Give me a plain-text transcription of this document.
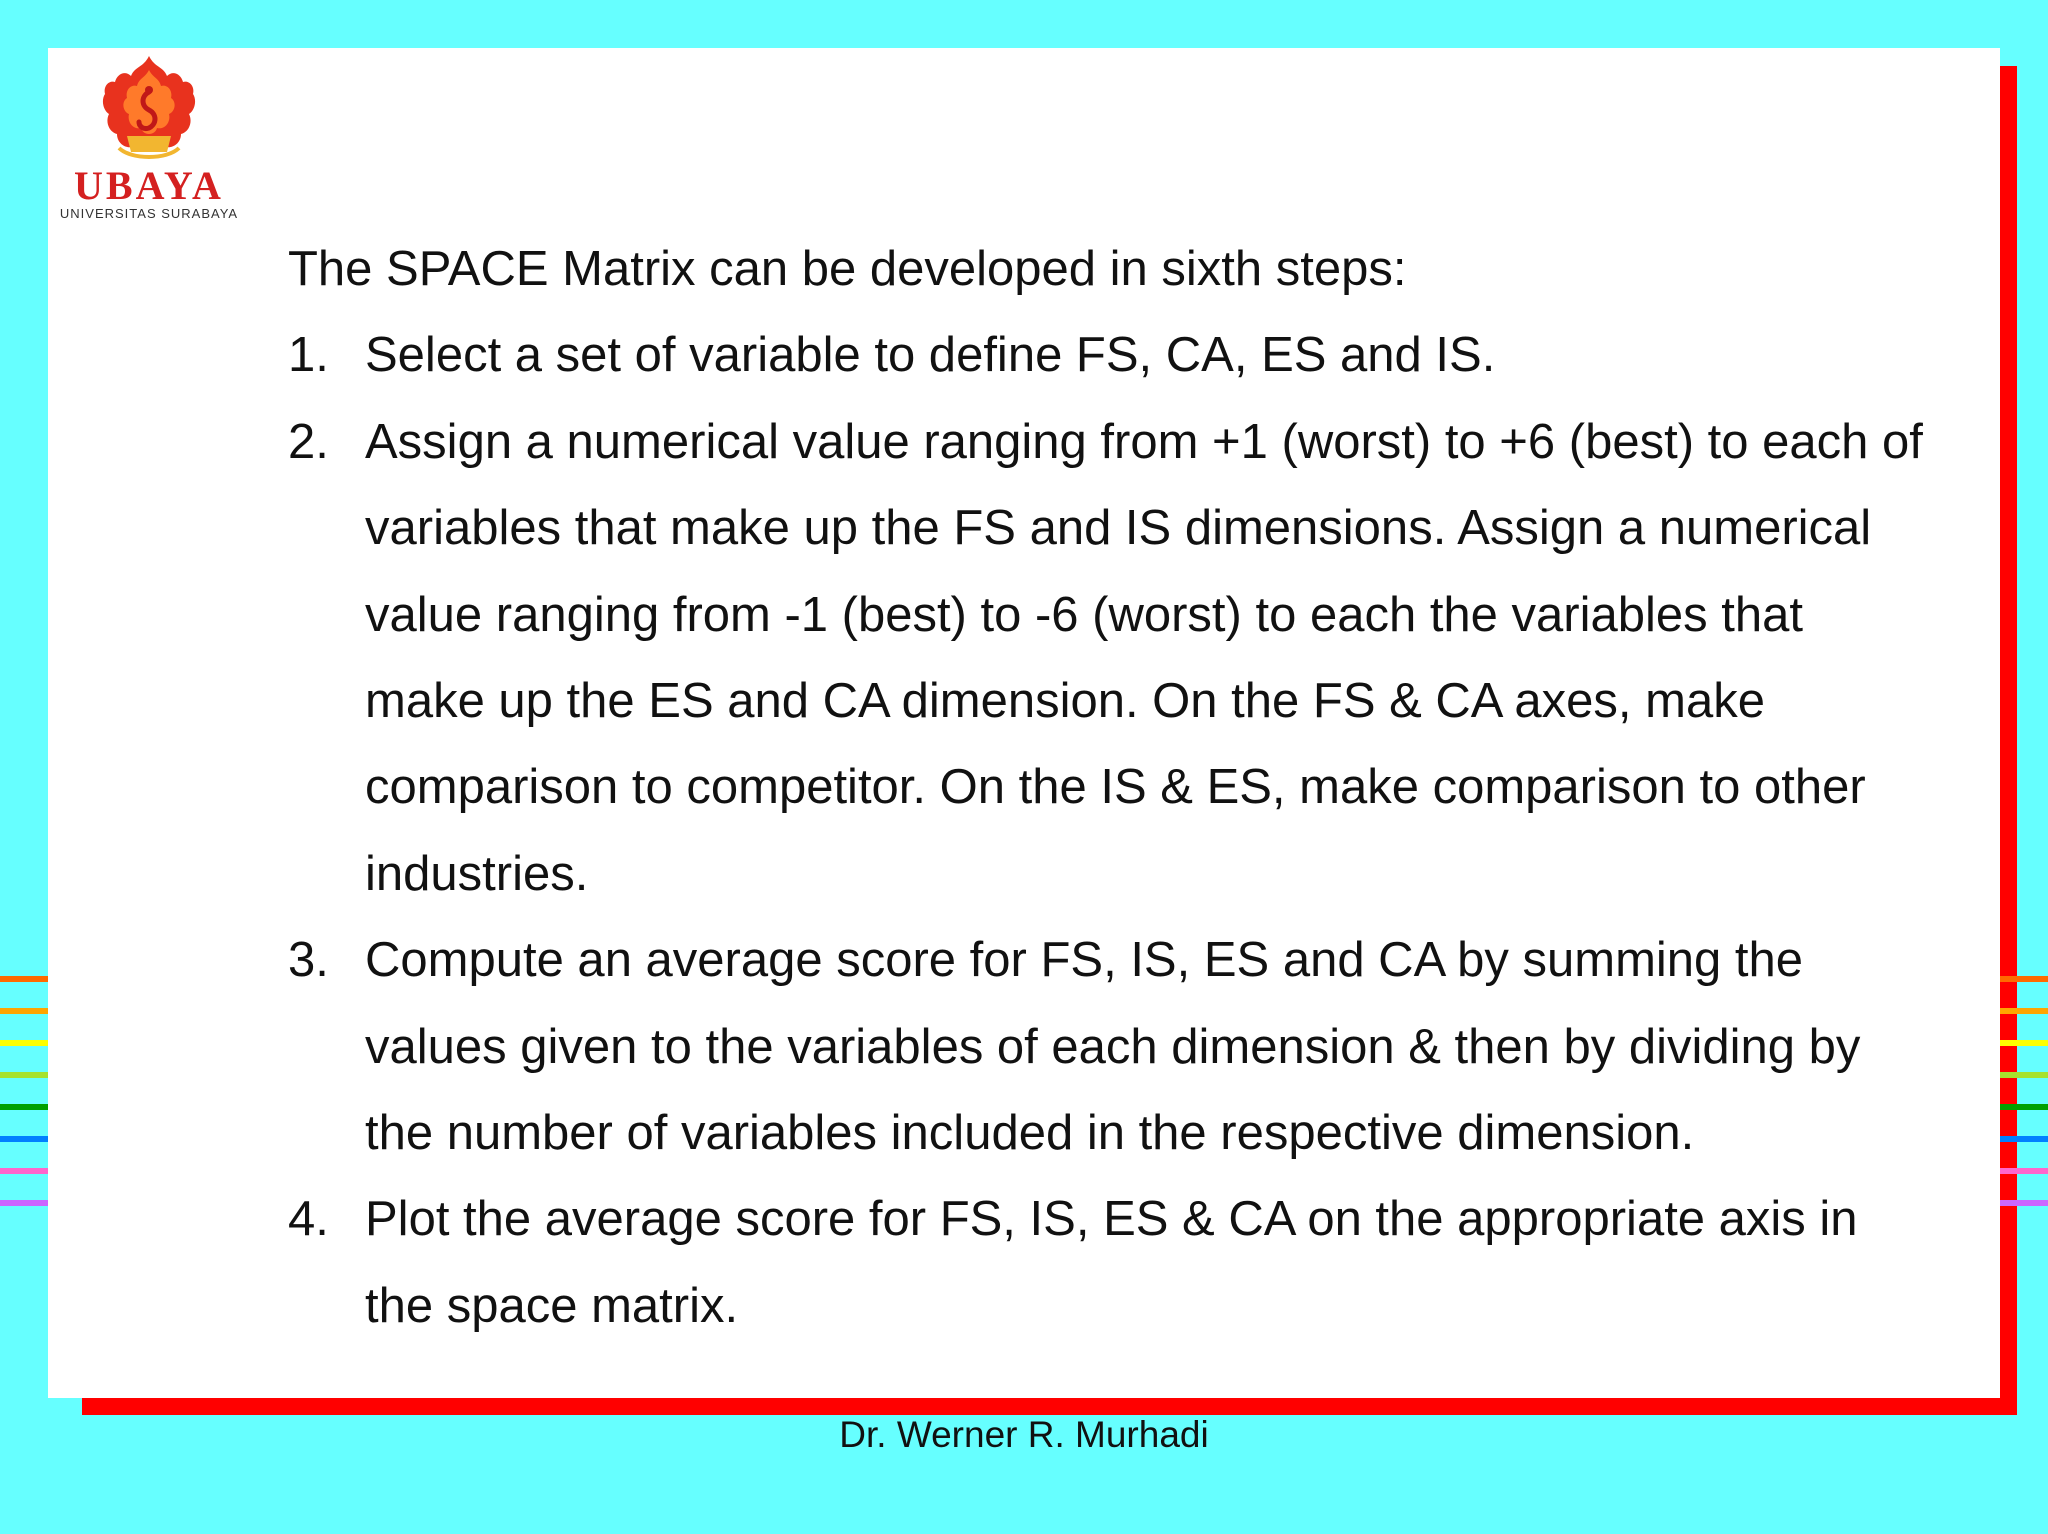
UBAYA
UNIVERSITAS SURABAYA

The SPACE Matrix can be developed in sixth steps:

1. Select a set of variable to define FS, CA, ES and IS.
2. Assign a numerical value ranging from +1 (worst) to +6 (best) to each of variables that make up the FS and IS dimensions. Assign a numerical value ranging from -1 (best) to -6 (worst) to each the variables that make up the ES and CA dimension. On the FS & CA axes, make comparison to competitor. On the IS & ES, make comparison to other industries.
3. Compute an average score for FS, IS, ES and CA by summing the values given to the variables of each dimension & then by dividing by the number of variables included in the respective dimension.
4. Plot the average score for FS, IS, ES & CA on the appropriate axis in the space matrix.
Dr. Werner R. Murhadi
